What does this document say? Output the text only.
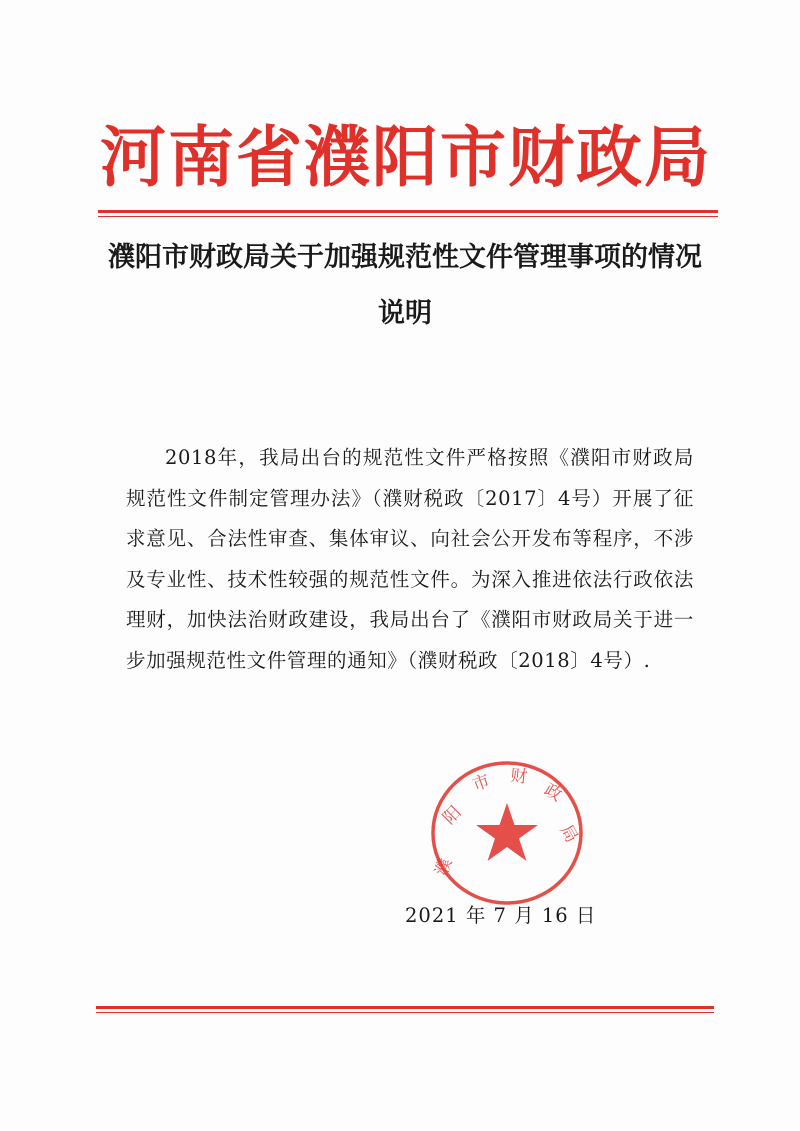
河南省濮阳市财政局
濮阳市财政局关于加强规范性文件管理事项的情况说明
2018年，我局出台的规范性文件严格按照《濮阳市财政局规范性文件制定管理办法》（濮财税政〔2017〕4号）开展了征求意见、合法性审查、集体审议、向社会公开发布等程序，不涉及专业性、技术性较强的规范性文件。为深入推进依法行政依法理财，加快法治财政建设，我局出台了《濮阳市财政局关于进一步加强规范性文件管理的通知》（濮财税政〔2018〕4号）.
濮
阳
市 财
政
局
2021 年 7 月 16 日
